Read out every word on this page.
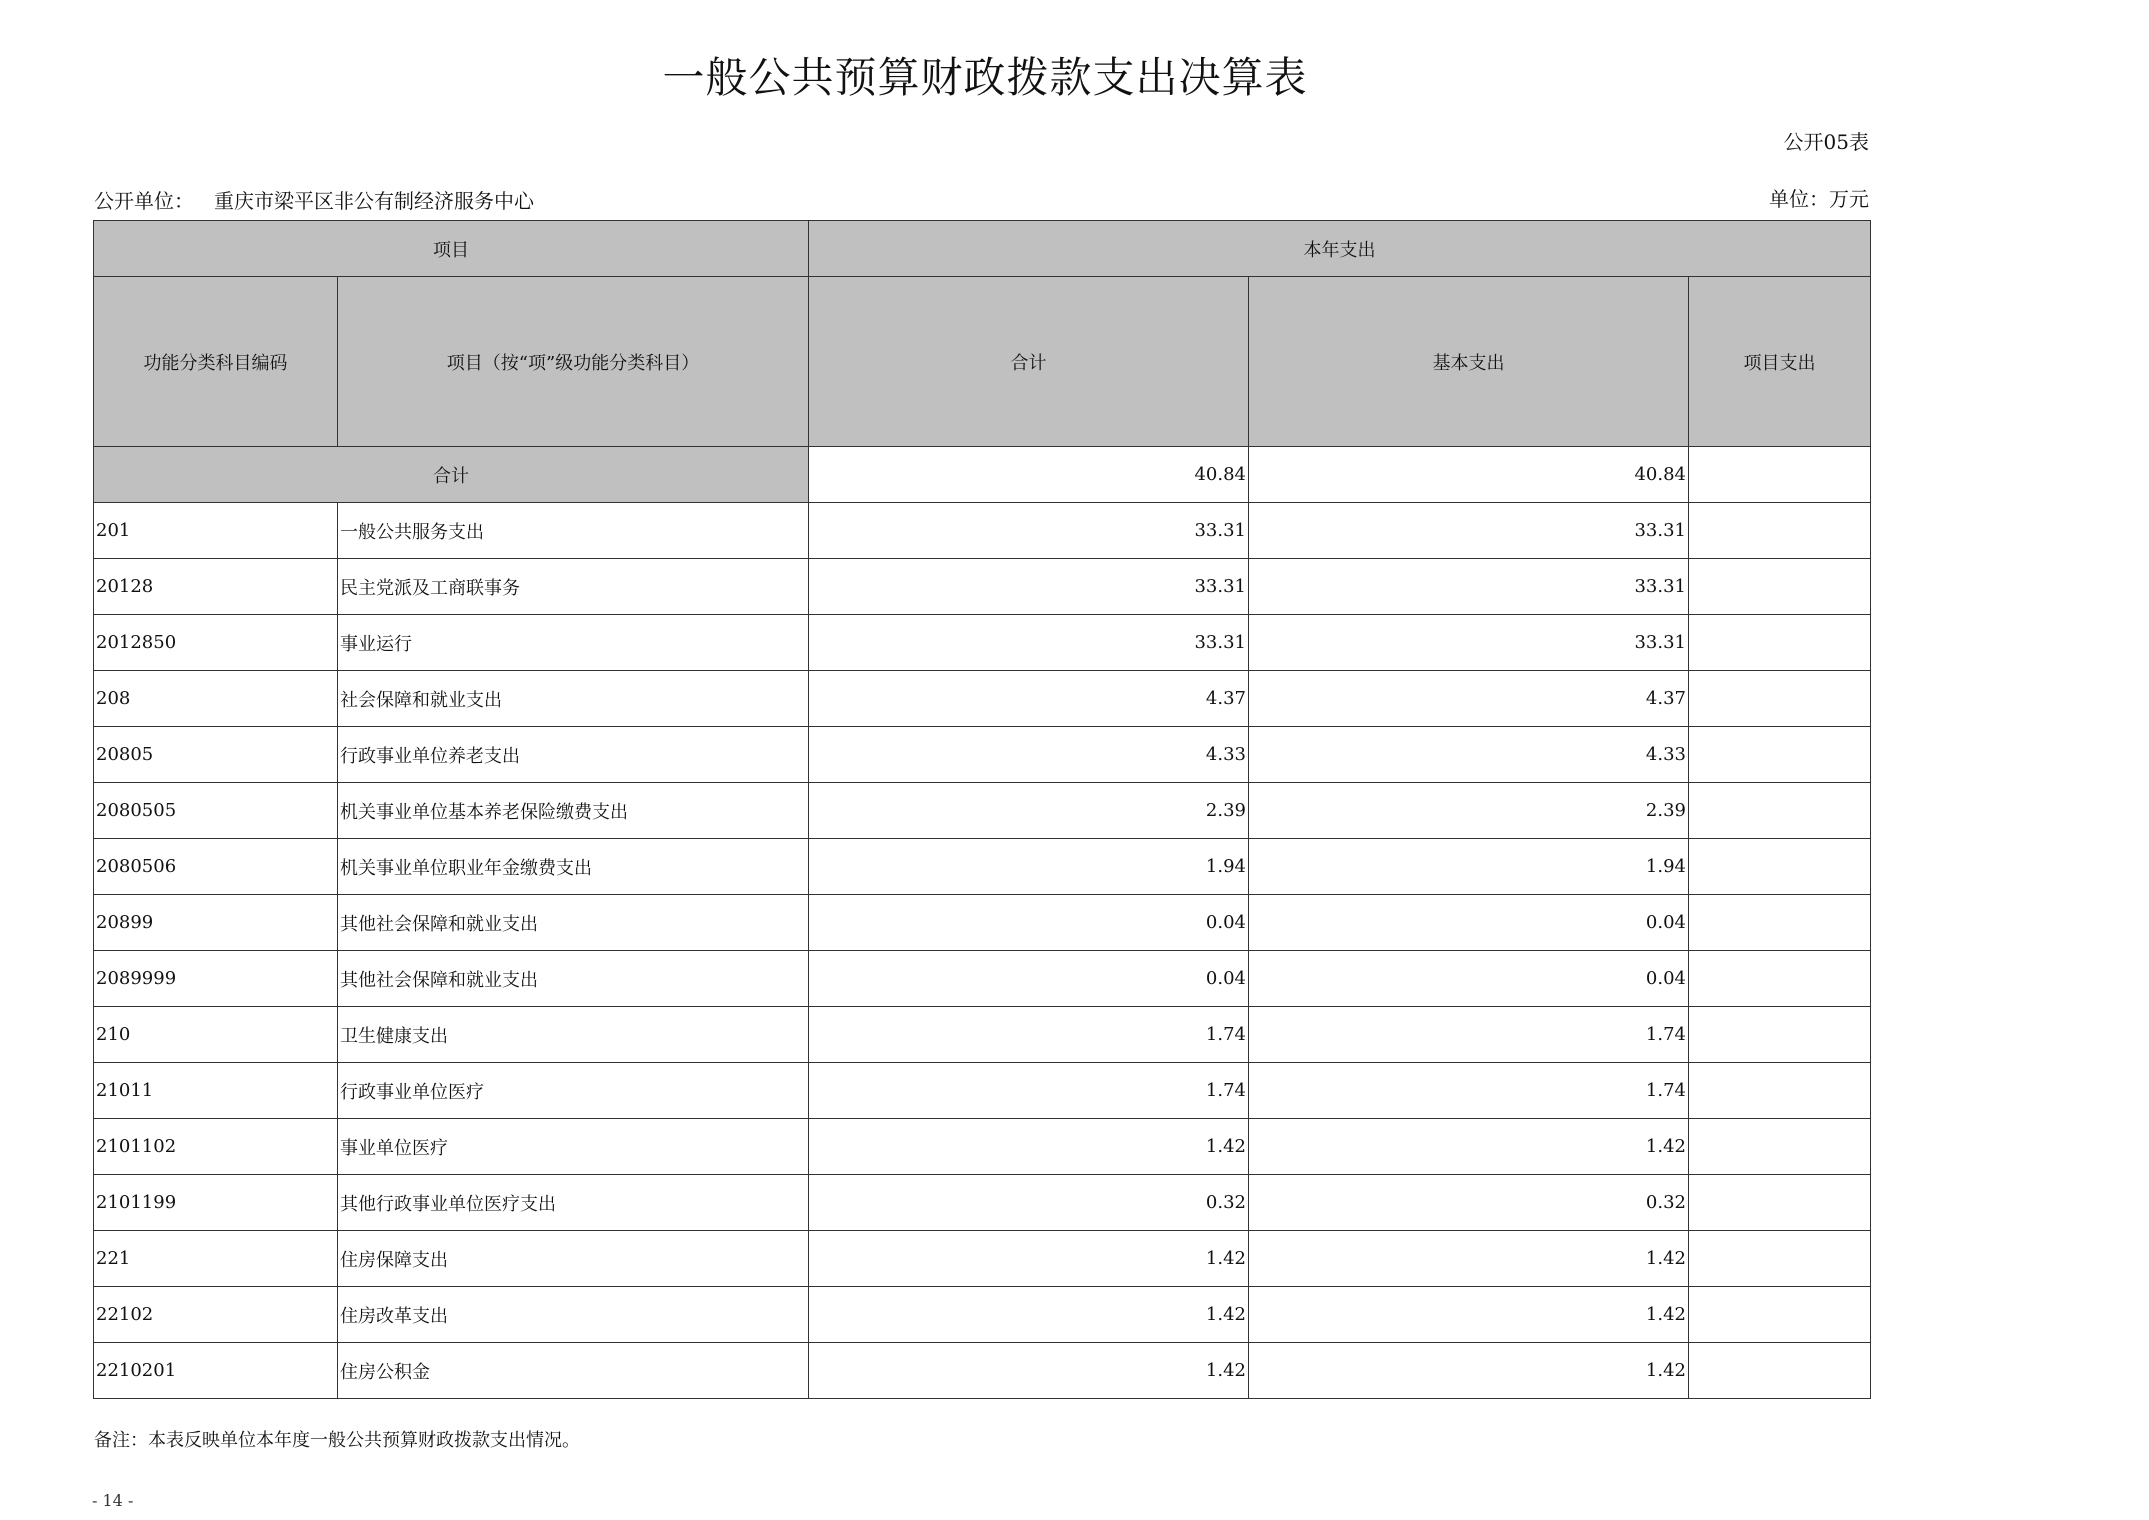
一般公共预算财政拨款支出决算表
公开05表
公开单位： 重庆市梁平区非公有制经济服务中心	单位：万元
项目		本年支出		
功能分类科目编码	项目（按“项”级功能分类科目）	合计	基本支出	项目支出
合计		40.84	40.84	
201	一般公共服务支出	33.31	33.31	
20128	民主党派及工商联事务	33.31	33.31	
2012850	事业运行	33.31	33.31	
208	社会保障和就业支出	4.37	4.37	
20805	行政事业单位养老支出	4.33	4.33	
2080505	机关事业单位基本养老保险缴费支出	2.39	2.39	
2080506	机关事业单位职业年金缴费支出	1.94	1.94	
20899	其他社会保障和就业支出	0.04	0.04	
2089999	其他社会保障和就业支出	0.04	0.04	
210	卫生健康支出	1.74	1.74	
21011	行政事业单位医疗	1.74	1.74	
2101102	事业单位医疗	1.42	1.42	
2101199	其他行政事业单位医疗支出	0.32	0.32	
221	住房保障支出	1.42	1.42	
22102	住房改革支出	1.42	1.42	
2210201	住房公积金	1.42	1.42	
备注：本表反映单位本年度一般公共预算财政拨款支出情况。
- 14 -
